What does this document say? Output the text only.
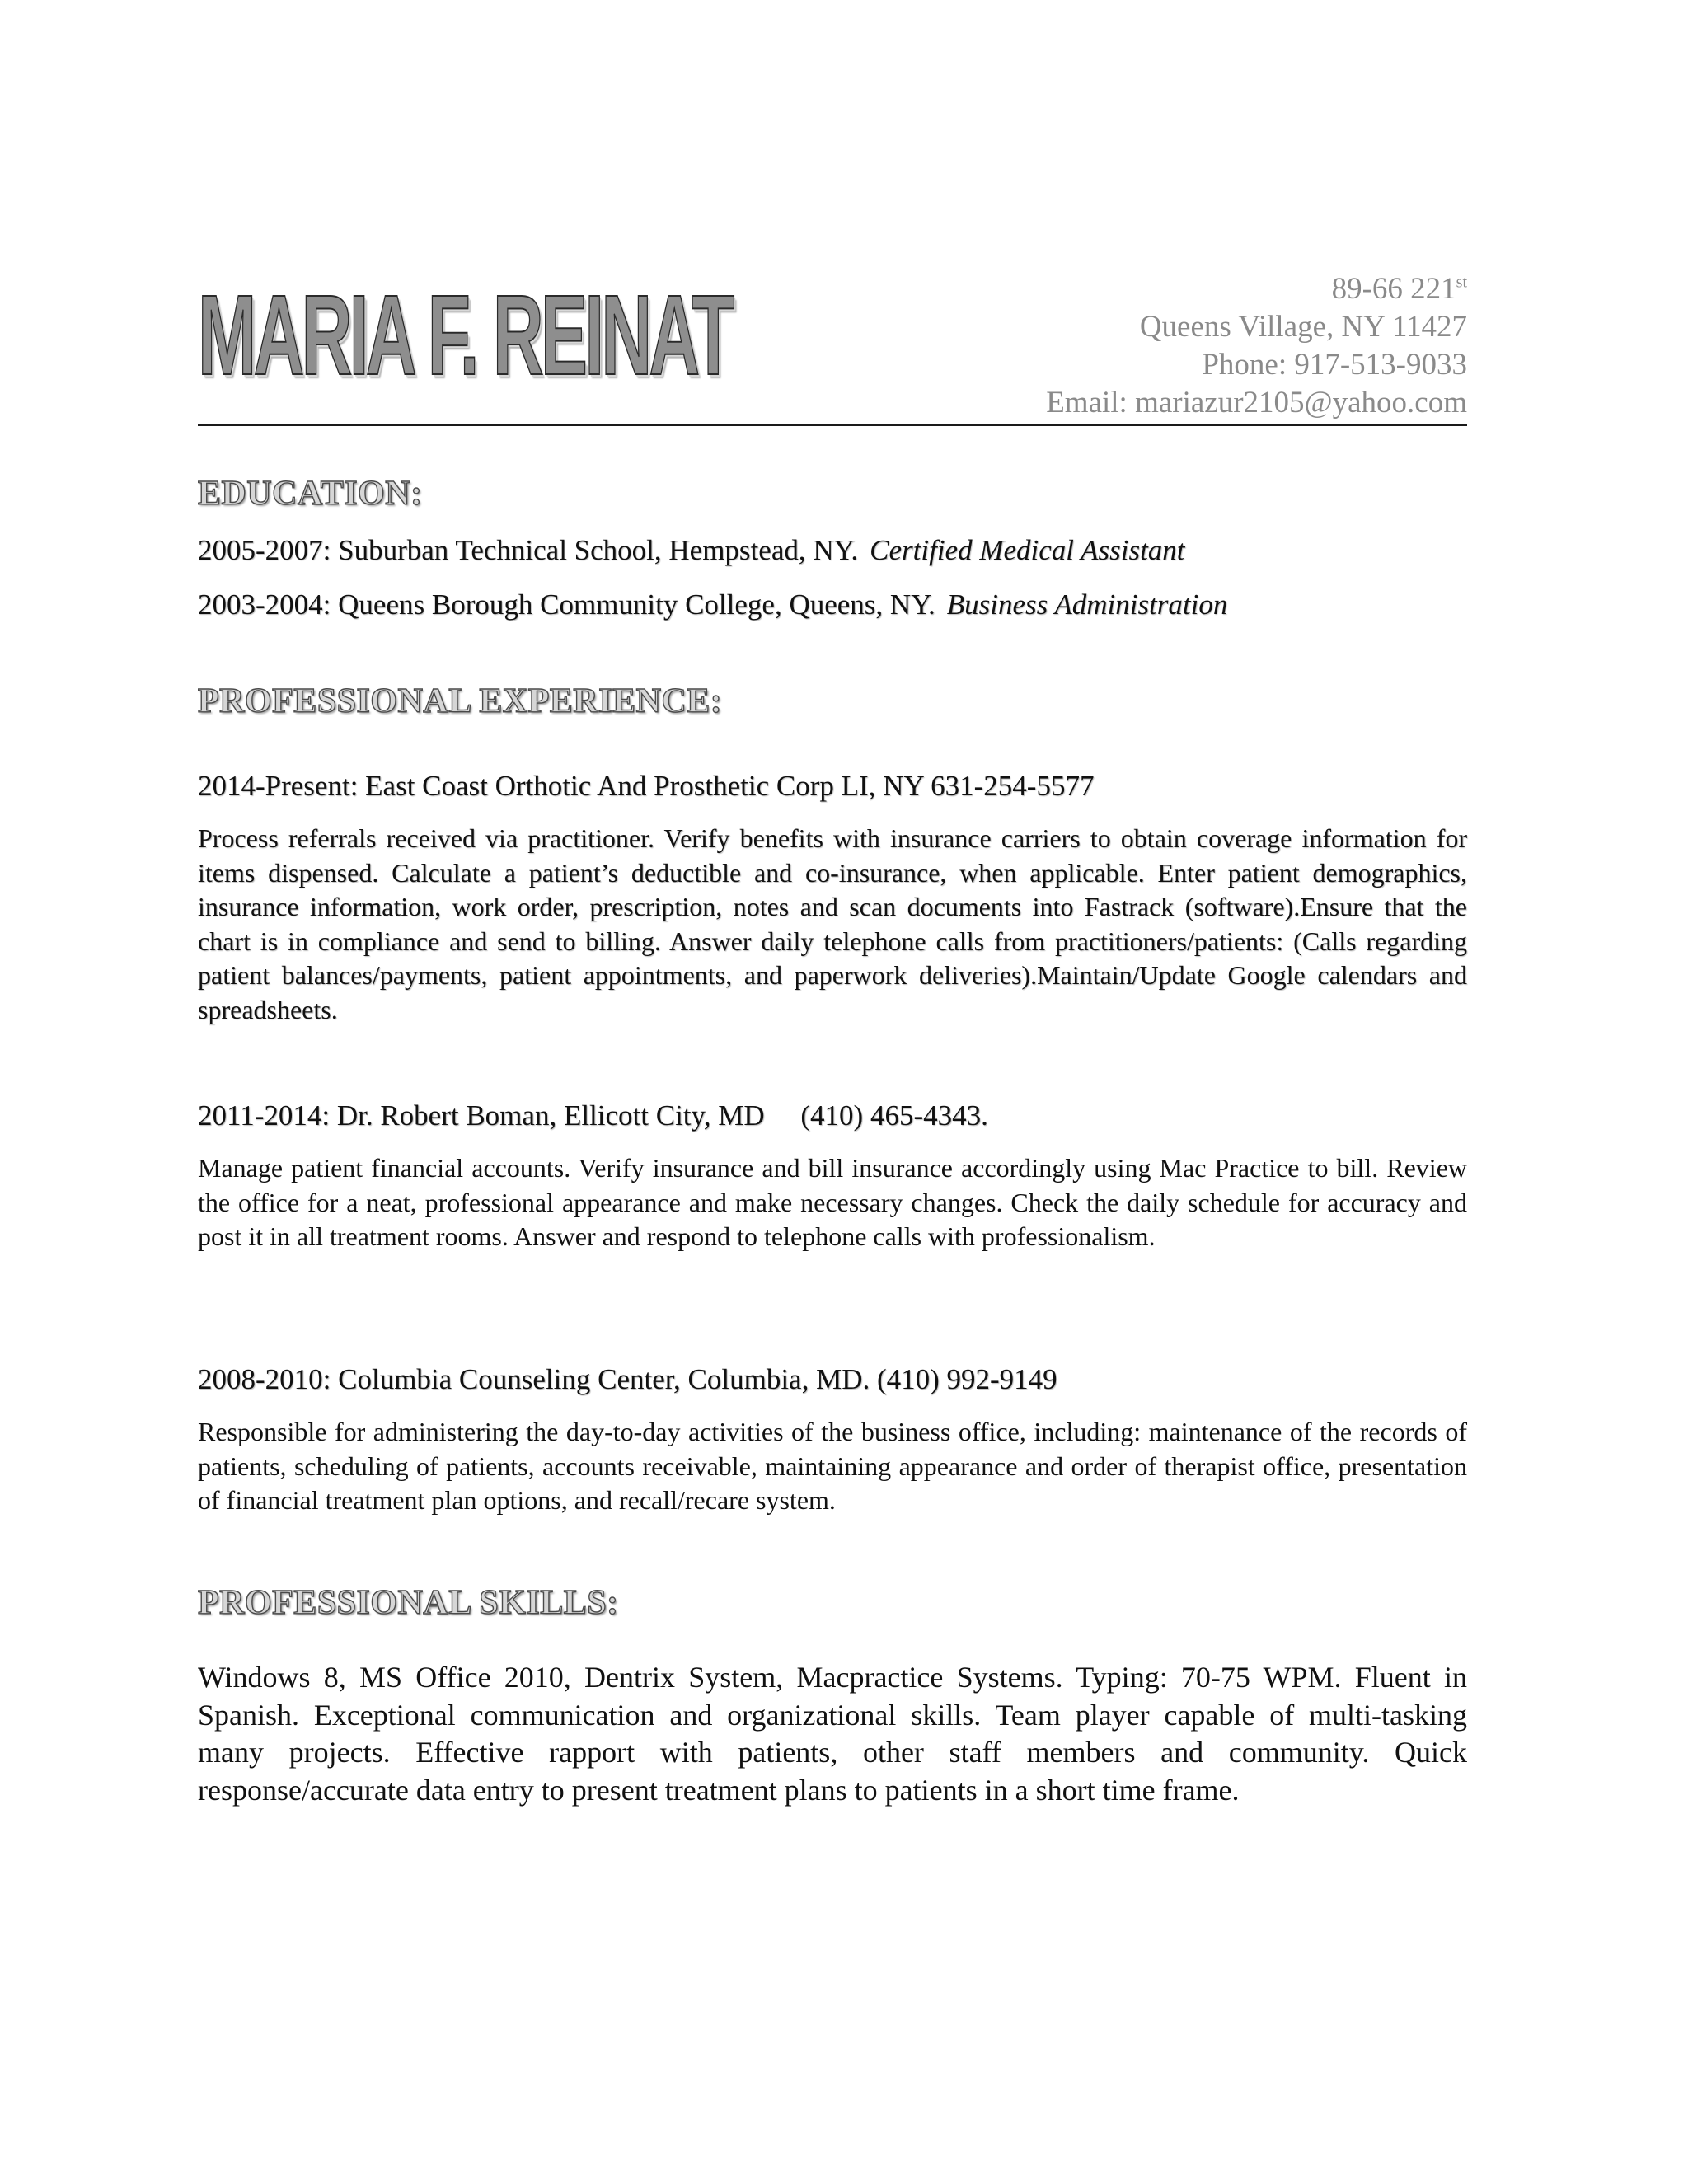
MARIA F. REINAT	89-66 221st
Queens Village, NY 11427
Phone: 917-513-9033
Email: mariazur2105@yahoo.com
EDUCATION:
2005-2007: Suburban Technical School, Hempstead, NY. Certified Medical Assistant
2003-2004: Queens Borough Community College, Queens, NY. Business Administration
PROFESSIONAL EXPERIENCE:
2014-Present: East Coast Orthotic And Prosthetic Corp LI, NY 631-254-5577
Process referrals received via practitioner. Verify benefits with insurance carriers to obtain coverage information for items dispensed. Calculate a patient’s deductible and co-insurance, when applicable. Enter patient demographics, insurance information, work order, prescription, notes and scan documents into Fastrack (software).Ensure that the chart is in compliance and send to billing. Answer daily telephone calls from practitioners/patients: (Calls regarding patient balances/payments, patient appointments, and paperwork deliveries).Maintain/Update Google calendars and spreadsheets.
2011-2014: Dr. Robert Boman, Ellicott City, MD     (410) 465-4343.
Manage patient financial accounts. Verify insurance and bill insurance accordingly using Mac Practice to bill. Review the office for a neat, professional appearance and make necessary changes. Check the daily schedule for accuracy and post it in all treatment rooms. Answer and respond to telephone calls with professionalism.
2008-2010: Columbia Counseling Center, Columbia, MD. (410) 992-9149
Responsible for administering the day-to-day activities of the business office, including: maintenance of the records of patients, scheduling of patients, accounts receivable, maintaining appearance and order of therapist office, presentation of financial treatment plan options, and recall/recare system.
PROFESSIONAL SKILLS:
Windows 8, MS Office 2010, Dentrix System, Macpractice Systems. Typing: 70-75 WPM. Fluent in Spanish. Exceptional communication and organizational skills. Team player capable of multi-tasking many projects. Effective rapport with patients, other staff members and community. Quick response/accurate data entry to present treatment plans to patients in a short time frame.
